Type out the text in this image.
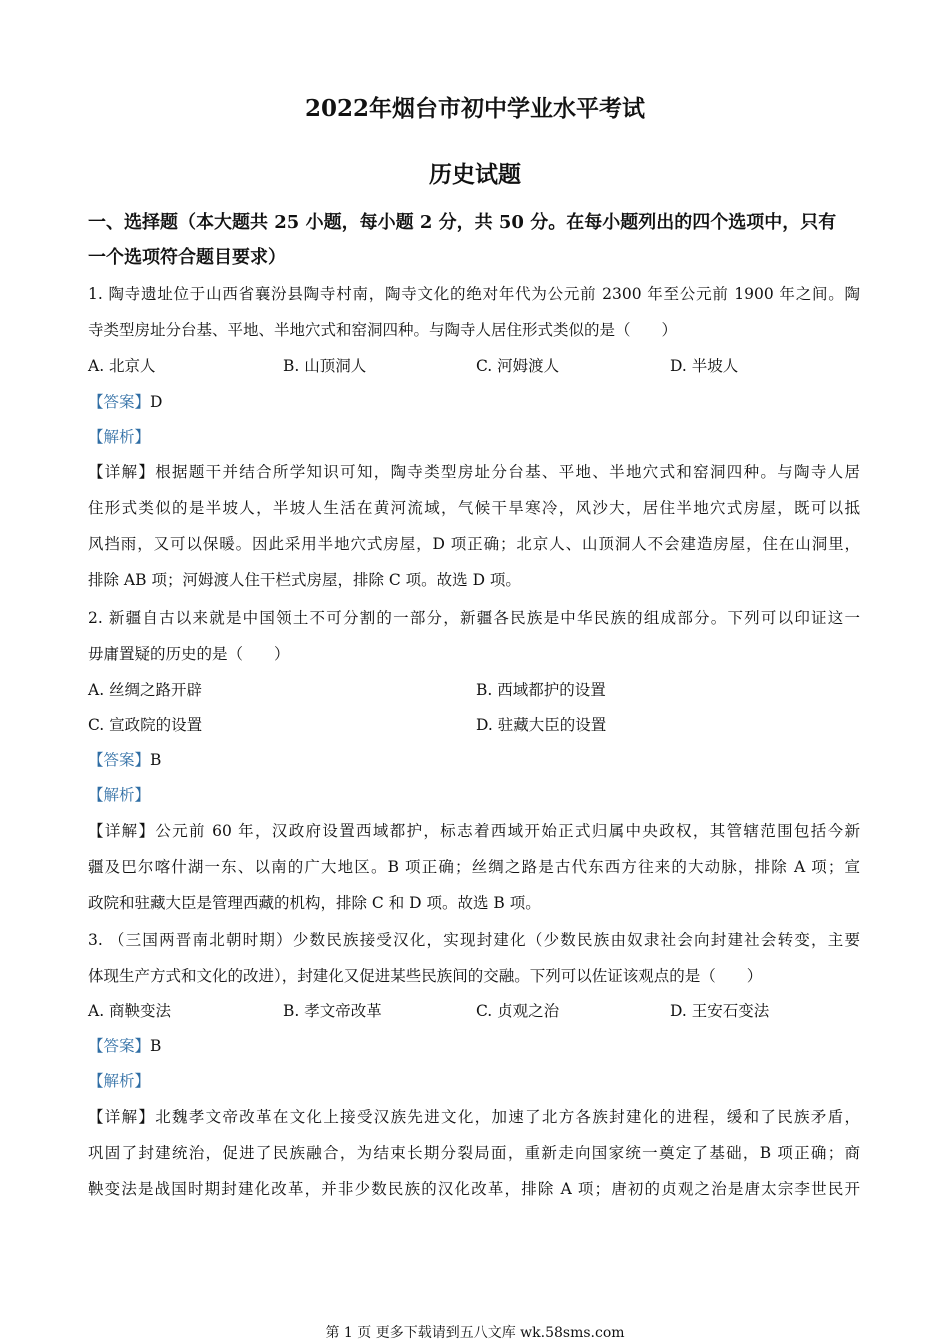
2022年烟台市初中学业水平考试
历史试题
一、选择题（本大题共 25 小题，每小题 2 分，共 50 分。在每小题列出的四个选项中，只有
一个选项符合题目要求）
1. 陶寺遗址位于山西省襄汾县陶寺村南，陶寺文化的绝对年代为公元前 2300 年至公元前 1900 年之间。陶
寺类型房址分台基、平地、半地穴式和窑洞四种。与陶寺人居住形式类似的是（　　）
A. 北京人	B. 山顶洞人	C. 河姆渡人	D. 半坡人
【答案】D
【解析】
【详解】根据题干并结合所学知识可知，陶寺类型房址分台基、平地、半地穴式和窑洞四种。与陶寺人居
住形式类似的是半坡人，半坡人生活在黄河流域，气候干旱寒冷，风沙大，居住半地穴式房屋，既可以抵
风挡雨，又可以保暖。因此采用半地穴式房屋，D 项正确；北京人、山顶洞人不会建造房屋，住在山洞里，
排除 AB 项；河姆渡人住干栏式房屋，排除 C 项。故选 D 项。
2. 新疆自古以来就是中国领土不可分割的一部分，新疆各民族是中华民族的组成部分。下列可以印证这一
毋庸置疑的历史的是（　　）
A. 丝绸之路开辟	B. 西域都护的设置
C. 宣政院的设置	D. 驻藏大臣的设置
【答案】B
【解析】
【详解】公元前 60 年，汉政府设置西域都护，标志着西域开始正式归属中央政权，其管辖范围包括今新
疆及巴尔喀什湖一东、以南的广大地区。B 项正确；丝绸之路是古代东西方往来的大动脉，排除 A 项；宣
政院和驻藏大臣是管理西藏的机构，排除 C 和 D 项。故选 B 项。
3. （三国两晋南北朝时期）少数民族接受汉化，实现封建化（少数民族由奴隶社会向封建社会转变，主要
体现生产方式和文化的改进），封建化又促进某些民族间的交融。下列可以佐证该观点的是（　　）
A. 商鞅变法	B. 孝文帝改革	C. 贞观之治	D. 王安石变法
【答案】B
【解析】
【详解】北魏孝文帝改革在文化上接受汉族先进文化，加速了北方各族封建化的进程，缓和了民族矛盾，
巩固了封建统治，促进了民族融合，为结束长期分裂局面，重新走向国家统一奠定了基础，B 项正确；商
鞅变法是战国时期封建化改革，并非少数民族的汉化改革，排除 A 项；唐初的贞观之治是唐太宗李世民开
第 1 页 更多下载请到五八文库 wk.58sms.com
